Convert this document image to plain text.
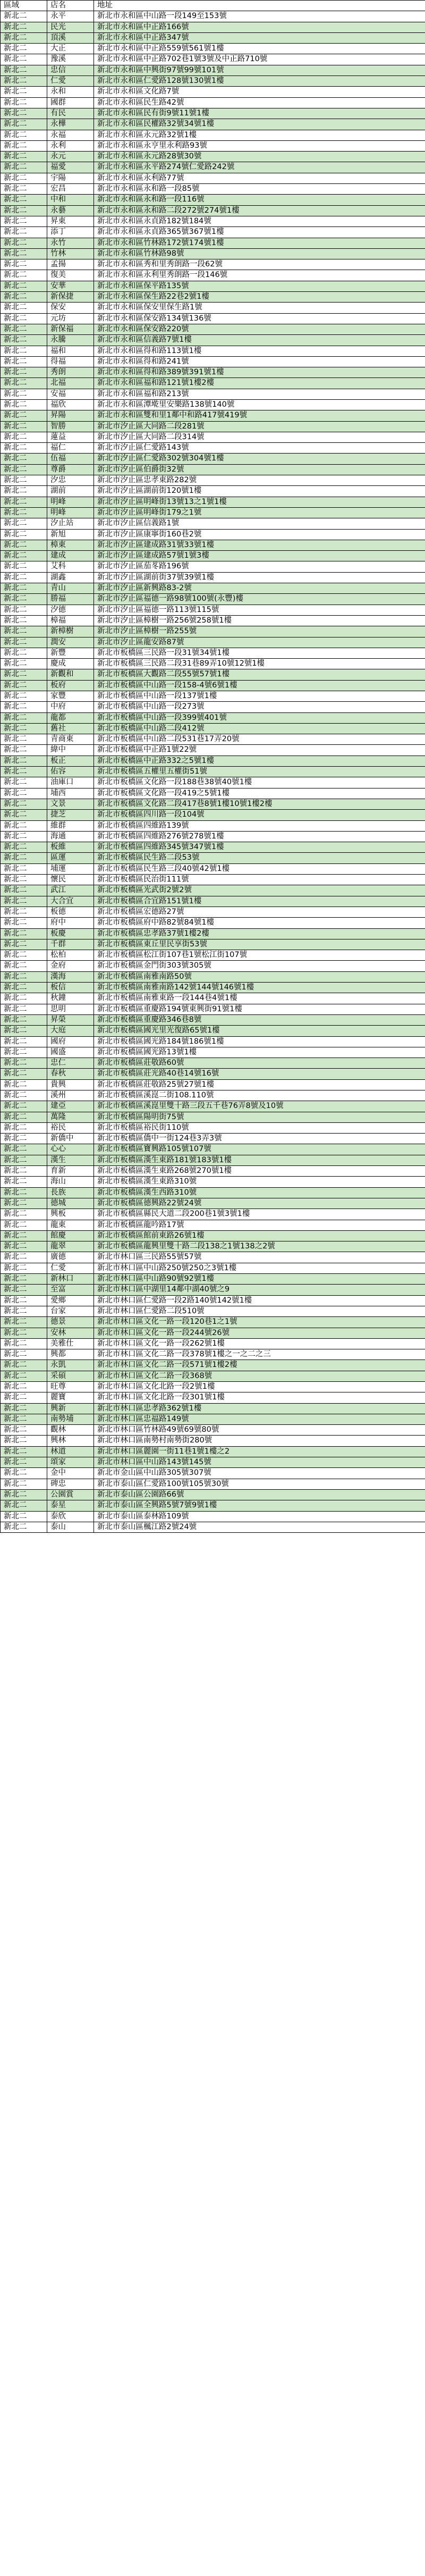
區域	店名	地址
新北二	永平	新北市永和區中山路一段149至153號
新北二	民光	新北市永和區中正路166號
新北二	頂溪	新北市永和區中正路347號
新北二	大正	新北市永和區中正路559號561號1樓
新北二	豫溪	新北市永和區中正路702巷1號3號及中正路710號
新北二	忠信	新北市永和區中興街97號99號101號
新北二	仁愛	新北市永和區仁愛路128號130號1樓
新北二	永和	新北市永和區文化路7號
新北二	國群	新北市永和區民生路42號
新北二	有民	新北市永和區民有街9號11號1樓
新北二	永樺	新北市永和區民權路32號34號1樓
新北二	永福	新北市永和區永元路32號1樓
新北二	永利	新北市永和區永亨里永利路93號
新北二	永元	新北市永和區永元路28號30號
新北二	福愛	新北市永和區永平路274號仁愛路242號
新北二	宇陽	新北市永和區永利路77號
新北二	宏昌	新北市永和區永和路一段85號
新北二	中和	新北市永和區永和路一段116號
新北二	永藝	新北市永和區永和路二段272號274號1樓
新北二	昇東	新北市永和區永貞路182號184號
新北二	添丁	新北市永和區永貞路365號367號1樓
新北二	永竹	新北市永和區竹林路172號174號1樓
新北二	竹林	新北市永和區竹林路98號
新北二	孟揚	新北市永和區秀和里秀朗路一段62號
新北二	復美	新北市永和區永利里秀朗路一段146號
新北二	安華	新北市永和區保平路135號
新北二	新保捷	新北市永和區保生路22巷2號1樓
新北二	保安	新北市永和區保安里保生路1號
新北二	元坊	新北市永和區保安路134號136號
新北二	新保福	新北市永和區保安路220號
新北二	永騰	新北市永和區信義路7號1樓
新北二	福和	新北市永和區得和路113號1樓
新北二	得福	新北市永和區得和路241號
新北二	秀朗	新北市永和區得和路389號391號1樓
新北二	北福	新北市永和區福和路121號1樓2樓
新北二	安福	新北市永和區福和路213號
新北二	福欣	新北市永和區潭墘里安樂路138號140號
新北二	昇陽	新北市永和區雙和里1鄰中和路417號419號
新北二	智勝	新北市汐止區大同路二段281號
新北二	蓮益	新北市汐止區大同路二段314號
新北二	福仁	新北市汐止區仁愛路143號
新北二	伍福	新北市汐止區仁愛路302號304號1樓
新北二	尊爵	新北市汐止區伯爵街32號
新北二	汐忠	新北市汐止區忠孝東路282號
新北二	湖前	新北市汐止區湖前街120號1樓
新北二	明峰	新北市汐止區明峰街13號13之1號1樓
新北二	明峰	新北市汐止區明峰街179之1號
新北二	汐止站	新北市汐止區信義路1號
新北二	新旭	新北市汐止區康寧街160巷2號
新北二	樟東	新北市汐止區建成路31號33號1樓
新北二	建成	新北市汐止區建成路57號1號3樓
新北二	艾科	新北市汐止區茄苳路196號
新北二	湖鑫	新北市汐止區湖前街37號39號1樓
新北二	青山	新北市汐止區新興路83-2號
新北二	勝福	新北市汐止區福德一路98號100號(永豐)樓
新北二	汐德	新北市汐止區福德一路113號115號
新北二	樟福	新北市汐止區樟樹一路256號258號1樓
新北二	新樟樹	新北市汐止區樟樹一路255號
新北二	潤安	新北市汐止區龍安路87號
新北二	新豐	新北市板橋區三民路一段31號34號1樓
新北二	慶成	新北市板橋區三民路二段31巷89弄10號12號1樓
新北二	新觀和	新北市板橋區大觀路二段55號57號1樓
新北二	板府	新北市板橋區中山路一段158-4號6號1樓
新北二	家豐	新北市板橋區中山路一段137號1樓
新北二	中府	新北市板橋區中山路一段273號
新北二	龍都	新北市板橋區中山路一段399號401號
新北二	舊社	新北市板橋區中山路二段412號
新北二	青商東	新北市板橋區中山路二段531巷17弄20號
新北二	緯中	新北市板橋區中正路1號22號
新北二	板正	新北市板橋區中正路332之5號1樓
新北二	佑容	新北市板橋區五權里五權街51號
新北二	油庫口	新北市板橋區文化路一段188巷38號40號1樓
新北二	埔西	新北市板橋區文化路一段419之5號1樓
新北二	文景	新北市板橋區文化路二段417巷8號1樓10號1樓2樓
新北二	捷芝	新北市板橋區四川路一段104號
新北二	維群	新北市板橋區四維路139號
新北二	海通	新北市板橋區四維路276號278號1樓
新北二	板維	新北市板橋區四維路345號347號1樓
新北二	區運	新北市板橋區民生路二段53號
新北二	埔運	新北市板橋區民生路三段40號42號1樓
新北二	懷民	新北市板橋區民治街111號
新北二	武江	新北市板橋區光武街2號2號
新北二	大合宜	新北市板橋區合宜路151號1樓
新北二	板德	新北市板橋區宏德路27號
新北二	府中	新北市板橋區府中路82號84號1樓
新北二	板慶	新北市板橋區忠孝路37號1樓2樓
新北二	千群	新北市板橋區東丘里民享街53號
新北二	松柏	新北市板橋區松江街107巷1號松江街107號
新北二	金府	新北市板橋區金門街303號305號
新北二	漢海	新北市板橋區南雅南路50號
新北二	板信	新北市板橋區南雅南路142號144號146號1樓
新北二	秋鐘	新北市板橋區南雅東路一段144巷4號1樓
新北二	思明	新北市板橋區重慶路194號東興街91號1樓
新北二	昇榮	新北市板橋區重慶路346巷8號
新北二	大庭	新北市板橋區國光里光復路65號1樓
新北二	國府	新北市板橋區國光路184號186號1樓
新北二	國盛	新北市板橋區國光路13號1樓
新北二	忠仁	新北市板橋區莊敬路60號
新北二	春秋	新北市板橋區莊光路40巷14號16號
新北二	貴興	新北市板橋區莊敬路25號27號1樓
新北二	溪州	新北市板橋區溪崑二街108.110號
新北二	建亞	新北市板橋區溪崑里雙十路三段五千巷76弄8號及10號
新北二	萬隆	新北市板橋區陽明街75號
新北二	裕民	新北市板橋區裕民街110號
新北二	新僑中	新北市板橋區僑中一街124巷3弄3號
新北二	心心	新北市板橋區寶興路105號107號
新北二	漢生	新北市板橋區漢生東路181號183號1樓
新北二	育新	新北市板橋區漢生東路268號270號1樓
新北二	海山	新北市板橋區漢生東路310號
新北二	長族	新北市板橋區漢生西路310號
新北二	德城	新北市板橋區德興路22號24號
新北二	興板	新北市板橋區縣民大道二段200巷1號3號1樓
新北二	龍東	新北市板橋區龍吟路17號
新北二	館慶	新北市板橋區館前東路26號1樓
新北二	龍翠	新北市板橋區龍興里雙十路二段138之1號138之2號
新北二	廣德	新北市林口區三民路55號57號
新北二	仁愛	新北市林口區中山路250號250之3號1樓
新北二	新林口	新北市林口區中山路90號92號1樓
新北二	至富	新北市林口區中湖里14鄰中湖40號之9
新北二	愛鄉	新北市林口區仁愛路一段2路140號142號1樓
新北二	台家	新北市林口區仁愛路二段510號
新北二	德景	新北市林口區文化一路一段120巷1之1號
新北二	安林	新北市林口區文化一路一段244號26號
新北二	美雅仕	新北市林口區文化一路一段262號1樓
新北二	興都	新北市林口區文化二路一段378號1樓之一之二之三
新北二	永凱	新北市林口區文化二路一段571號1樓2樓
新北二	采碩	新北市林口區文化二路一段368號
新北二	旺尊	新北市林口區文化北路一段2號1樓
新北二	麗寶	新北市林口區文化北路一段301號1樓
新北二	興新	新北市林口區忠孝路362號1樓
新北二	南勢埔	新北市林口區忠福路149號
新北二	觀林	新北市林口區竹林路49號69號80號
新北二	興林	新北市林口區南勢村南勢街280號
新北二	林道	新北市林口區麗園一街11巷1號1樓之2
新北二	頌家	新北市林口區中山路143號145號
新北二	金中	新北市金山區中山路305號307號
新北二	碑忠	新北市泰山區仁愛路100號105號30號
新北二	公園賞	新北市泰山區公園路66號
新北二	泰星	新北市泰山區全興路5號7號9號1樓
新北二	泰欣	新北市泰山區泰林路109號
新北二	泰山	新北市泰山區楓江路2號24號
